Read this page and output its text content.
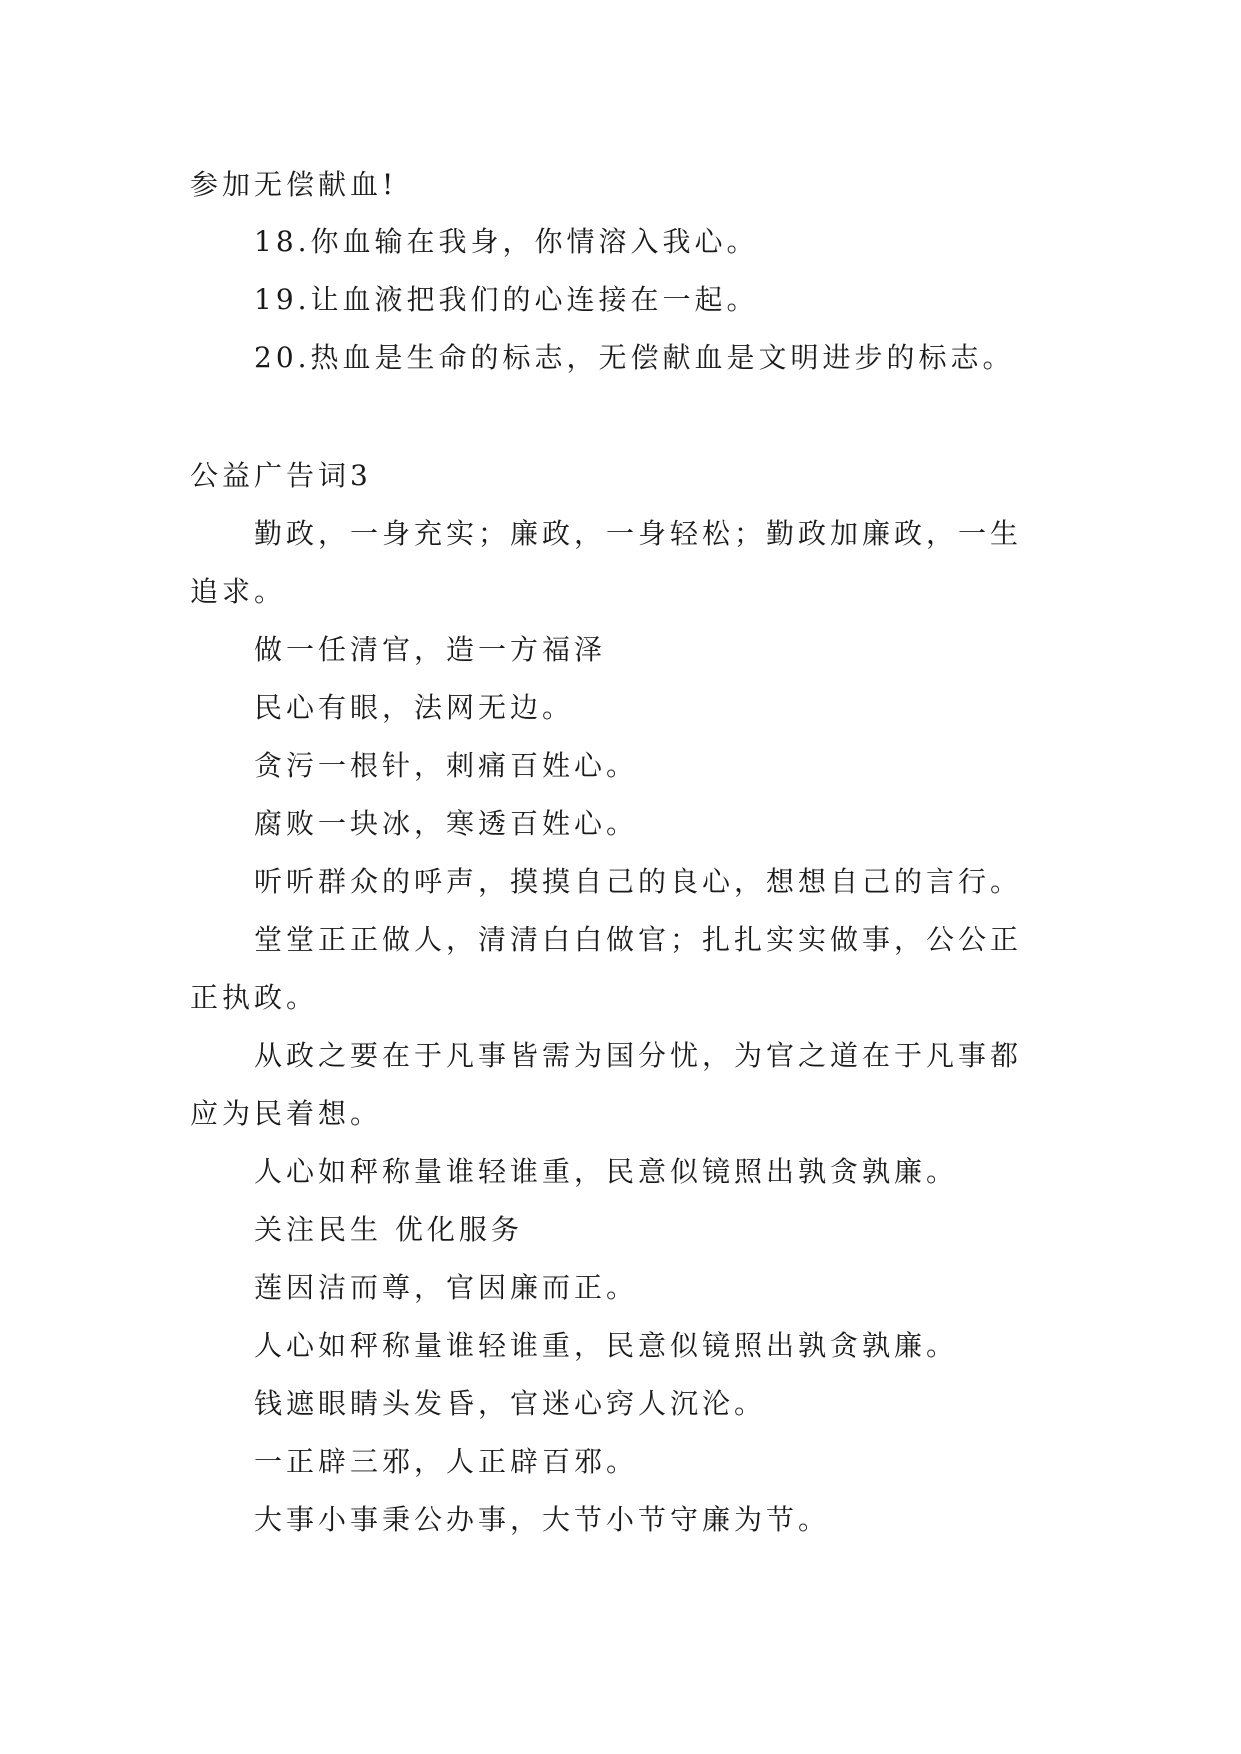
参加无偿献血!
18.你血输在我身，你情溶入我心。
19.让血液把我们的心连接在一起。
20.热血是生命的标志，无偿献血是文明进步的标志。
公益广告词3
勤政，一身充实；廉政，一身轻松；勤政加廉政，一生
追求。
做一任清官，造一方福泽
民心有眼，法网无边。
贪污一根针，刺痛百姓心。
腐败一块冰，寒透百姓心。
听听群众的呼声，摸摸自己的良心，想想自己的言行。
堂堂正正做人，清清白白做官；扎扎实实做事，公公正
正执政。
从政之要在于凡事皆需为国分忧，为官之道在于凡事都
应为民着想。
人心如秤称量谁轻谁重，民意似镜照出孰贪孰廉。
关注民生 优化服务
莲因洁而尊，官因廉而正。
人心如秤称量谁轻谁重，民意似镜照出孰贪孰廉。
钱遮眼睛头发昏，官迷心窍人沉沦。
一正辟三邪，人正辟百邪。
大事小事秉公办事，大节小节守廉为节。
